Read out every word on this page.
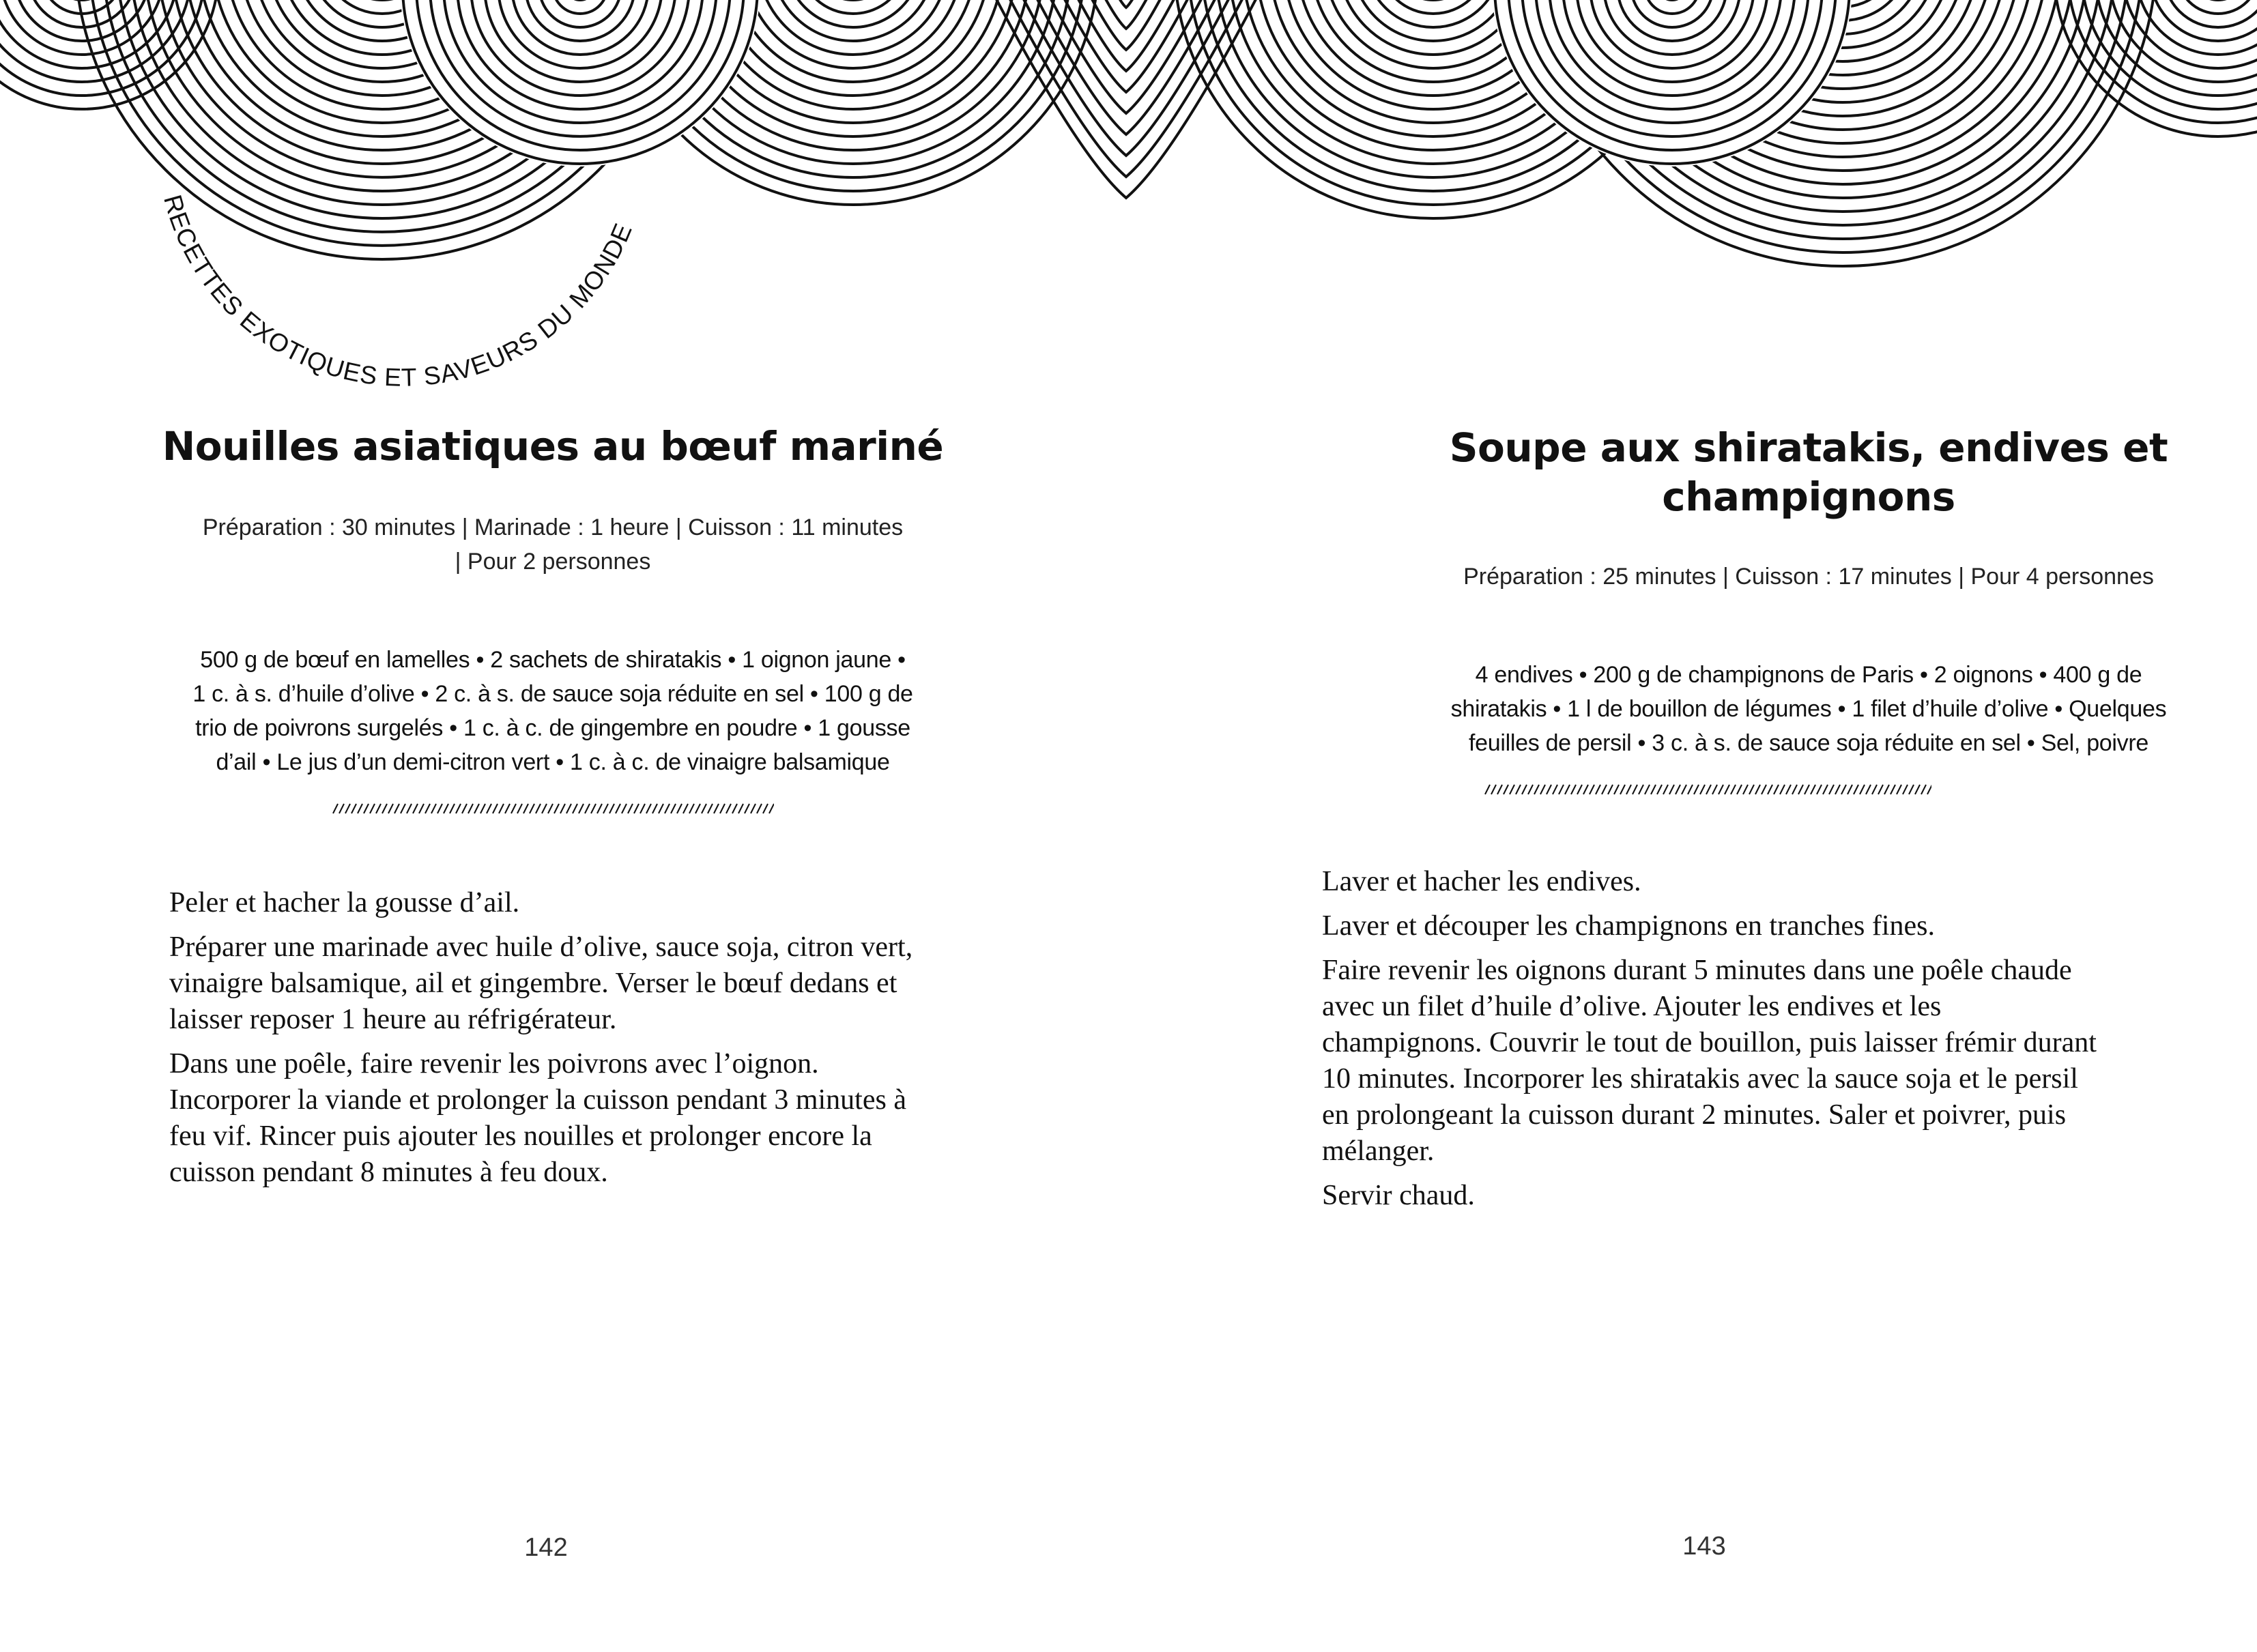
RECETTES EXOTIQUES ET SAVEURS DU MONDE
Nouilles asiatiques au bœuf mariné
Préparation : 30 minutes | Marinade : 1 heure | Cuisson : 11 minutes
| Pour 2 personnes
500 g de bœuf en lamelles • 2 sachets de shiratakis • 1 oignon jaune •
1 c. à s. d’huile d’olive • 2 c. à s. de sauce soja réduite en sel • 100 g de
trio de poivrons surgelés • 1 c. à c. de gingembre en poudre • 1 gousse
d’ail • Le jus d’un demi-citron vert • 1 c. à c. de vinaigre balsamique

Peler et hacher la gousse d’ail.

Préparer une marinade avec huile d’olive, sauce soja, citron vert, vinaigre balsamique, ail et gingembre. Verser le bœuf dedans et laisser reposer 1 heure au réfrigérateur.

Dans une poêle, faire revenir les poivrons avec l’oignon. Incorporer la viande et prolonger la cuisson pendant 3 minutes à feu vif. Rincer puis ajouter les nouilles et prolonger encore la cuisson pendant 8 minutes à feu doux.

142
Soupe aux shiratakis, endives et
champignons
Préparation : 25 minutes | Cuisson : 17 minutes | Pour 4 personnes
4 endives • 200 g de champignons de Paris • 2 oignons • 400 g de
shiratakis • 1 l de bouillon de légumes • 1 filet d’huile d’olive • Quelques
feuilles de persil • 3 c. à s. de sauce soja réduite en sel • Sel, poivre

Laver et hacher les endives.

Laver et découper les champignons en tranches fines.

Faire revenir les oignons durant 5 minutes dans une poêle chaude avec un filet d’huile d’olive. Ajouter les endives et les champignons. Couvrir le tout de bouillon, puis laisser frémir durant 10 minutes. Incorporer les shiratakis avec la sauce soja et le persil en prolongeant la cuisson durant 2 minutes. Saler et poivrer, puis mélanger.

Servir chaud.

143
